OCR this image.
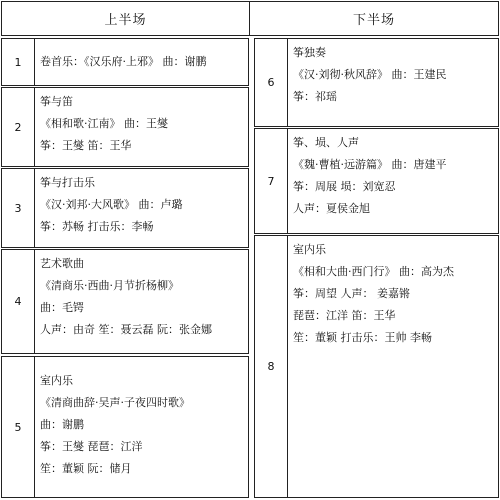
上半场	下半场
1	卷首乐：《汉乐府·上邪》 曲：谢鹏
2
筝与笛
《相和歌·江南》 曲：王燮
筝：王燮 笛：王华
3
筝与打击乐
《汉·刘邦·大风歌》 曲：卢璐
筝：苏畅 打击乐：李畅
4
艺术歌曲
《清商乐·西曲·月节折杨柳》
曲：毛锷
人声：由奇 笙：聂云磊 阮：张金娜
5
室内乐
《清商曲辞·吴声·子夜四时歌》
曲：谢鹏
筝：王燮 琵琶：江洋
笙：董颖 阮：储月
6
筝独奏
《汉·刘彻·秋风辞》 曲：王建民
筝：祁瑶
7
筝、埙、人声
《魏·曹植·远游篇》 曲：唐建平
筝：周展 埙：刘宽忍
人声：夏侯金旭
8
室内乐
《相和大曲·西门行》 曲：高为杰
筝：周望 人声： 姜嘉锵
琵琶：江洋 笛：王华
笙：董颖 打击乐：王帅 李畅
